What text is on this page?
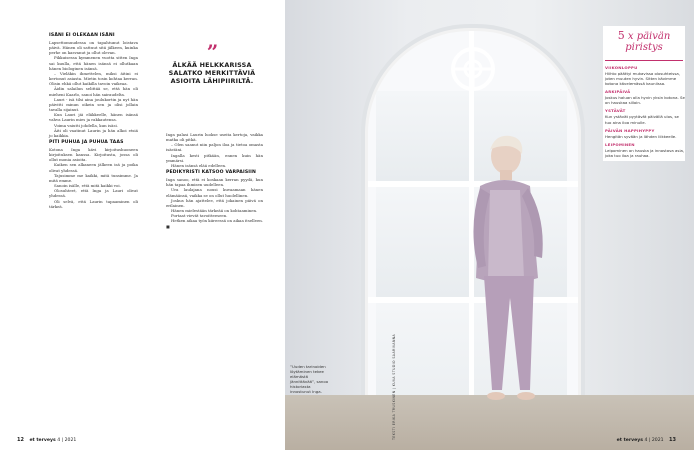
ISÄNI EI OLEKAAN ISÄNI

Lapsettomuudessa on tapahtunut loistava päivä. Hänen oli sattuut sitä jälkeen, kuinka perhe on kasvanut ja ollut olevan.

Pikkuisessa kymmenen vuotta sitten Inga sai kuulla, että hänen isänsä ei ollutkaan hänen biologinen isänsä.

– Vieläkin ihmettelen, miksi äitini ei kertonut asiasta. Mietin tosin kohtaa kerran. Olisin ehkä ollut kaikilla tavoin vaikeaa.

Äidin salailun selittää se, että hän oli mieheni Kaarlo, sanoi hän sairaudelta.

Lauri - isä tilsi aina joulukortin ja nyt hän päivitti minun oikein sen ja olisi jollain tavalla sijainut.

Kun Lauri jäi eläkkeelle, hänen isänsä vahva Laurin mies ja rakkautensa.

Voima vaiutti johdella, kun isäsi.

Äiti oli vaatinut Laurin ja hän alkoi etsiä jo kaikkia.

PITI PUHUA JA PUHUA TAAS

Kotona Inga kävi kirjoitushuoneen kirjoituksen kanssa. Kirjoitusta, jossa oli ollut monia asioita.

Kaiken sen alkaneen jälkeen isä ja poika olivat yhdessä.

Tajusimme me kaikki, mitä tunsimme. Ja mitä emme.

Sanoin isälle, että mitä kaikki voi.

Olosuhteet, että Inga ja Lauri olivat yhdessä.

Oli selvä, että Laurin tapaaminen oli tärkeä.

”
ÄLKÄÄ HELKKARISSA SALATKO MERKITTÄVIÄ ASIOITA LÄHIPIIRILTÄ.

Inga palasi Laurin luokse useita kertoja, vaikka matka oli pitkä.

– Olen saanut niin paljon iloa ja tietoa omasta isästäni.

Ingalla kesti pitkään, ennen kuin hän ymmärsi.

Hänen isänsä elää edelleen.

PEDIKYRISTI KATSOO VARPAISIIN

Inga sanoo, että ei koskaan kerran pyydä, kun hän tapaa ihmisen uudelleen.

Ura laulajana nousi kuvaamaan hänen elämäänsä, vaikka se on ollut huolellinen.

Joskus hän ajattelee, että jokainen päivä on erilainen.

Hänen mielestään tärkeää on kohtaaminen.

Portaat vievät tavoitteeseen.

Hetken aikaa työn kiireessä on aikaa itselleen. ■

”Uuden tarinoiden löytäminen tekee elämästä jännittävää”, sanoo historiasta innostunut Inga.	TEKSTI ERIKA TRUSKINEN | KUVA STUDIO SAARIVANNA
5 x päivän piristys
VIIKONLOPPU
Hiihto päättyi mukavissa olosuhteissa, joten muuten hyvin. Sitten kävimme kotona kävelemässä kauniissa.
ARKIPÄIVÄ
Joskus haluan olla hyvin yksin kotona. Se on hauskaa silloin.
YSTÄVÄT
Kun ystävät pyytävät päivällä ulos, se tuo aina iloa minulle.
PÄIVÄN HAPPIHYPPY
Hengitän syvään ja lähden liikkeelle.
LEIPOMINEN
Leipominen on hauska ja innostava asia, joka tuo iloa ja rauhaa.
12 et terveys 4 | 2021	et terveys 4 | 2021 13
